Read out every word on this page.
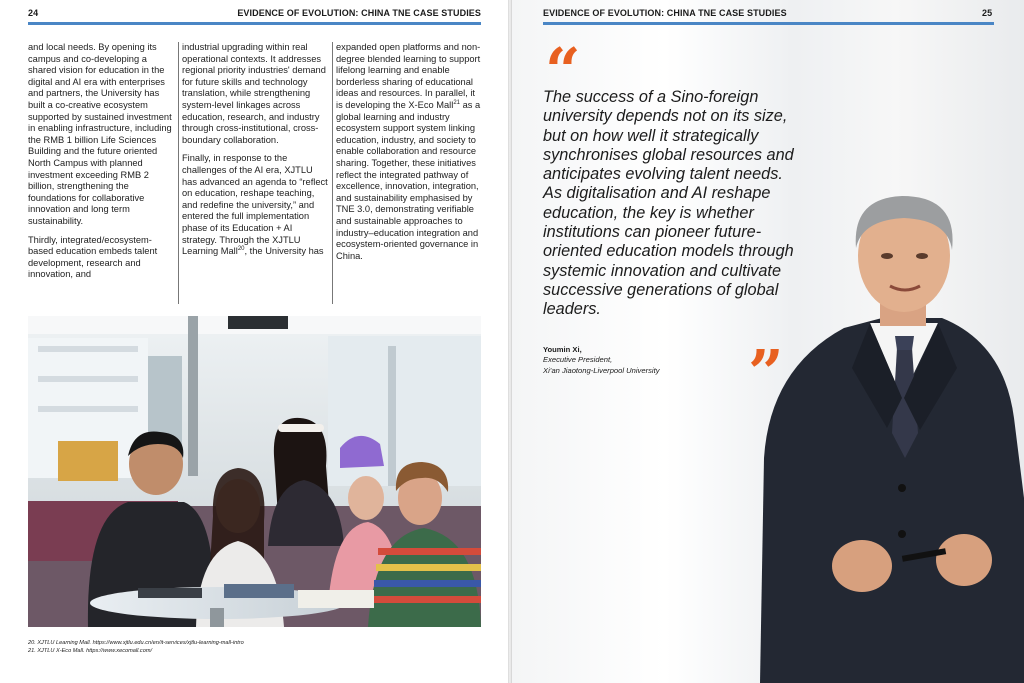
24	EVIDENCE OF EVOLUTION: CHINA TNE CASE STUDIES

and local needs. By opening its campus and co-developing a shared vision for education in the digital and AI era with enterprises and partners, the University has built a co-creative ecosystem supported by sustained investment in enabling infrastructure, including the RMB 1 billion Life Sciences Building and the future oriented North Campus with planned investment exceeding RMB 2 billion, strengthening the foundations for collaborative innovation and long term sustainability.

Thirdly, integrated/ecosystem-based education embeds talent development, research and innovation, and

industrial upgrading within real operational contexts. It addresses regional priority industries' demand for future skills and technology translation, while strengthening system-level linkages across education, research, and industry through cross-institutional, cross-boundary collaboration.

Finally, in response to the challenges of the AI era, XJTLU has advanced an agenda to “reflect on education, reshape teaching, and redefine the university,” and entered the full implementation phase of its Education + AI strategy. Through the XJTLU Learning Mall$^{20}$, the University has

expanded open platforms and non-degree blended learning to support lifelong learning and enable borderless sharing of educational ideas and resources. In parallel, it is developing the X-Eco Mall$^{21}$ as a global learning and industry ecosystem support system linking education, industry, and society to enable collaboration and resource sharing. Together, these initiatives reflect the integrated pathway of excellence, innovation, integration, and sustainability emphasised by TNE 3.0, demonstrating verifiable and sustainable approaches to industry–education integration and ecosystem-oriented governance in China.

20. XJTLU Learning Mall. https://www.xjtlu.edu.cn/en/it-services/xjtlu-learning-mall-intro
21. XJTLU X-Eco Mall. https://www.xecomall.com/
EVIDENCE OF EVOLUTION: CHINA TNE CASE STUDIES	25
“
The success of a Sino-foreign university depends not on its size, but on how well it strategically synchronises global resources and anticipates evolving talent needs. As digitalisation and AI reshape education, the key is whether institutions can pioneer future-oriented education models through systemic innovation and cultivate successive generations of global leaders.
Youmin Xi,
Executive President,
Xi’an Jiaotong-Liverpool University ”
